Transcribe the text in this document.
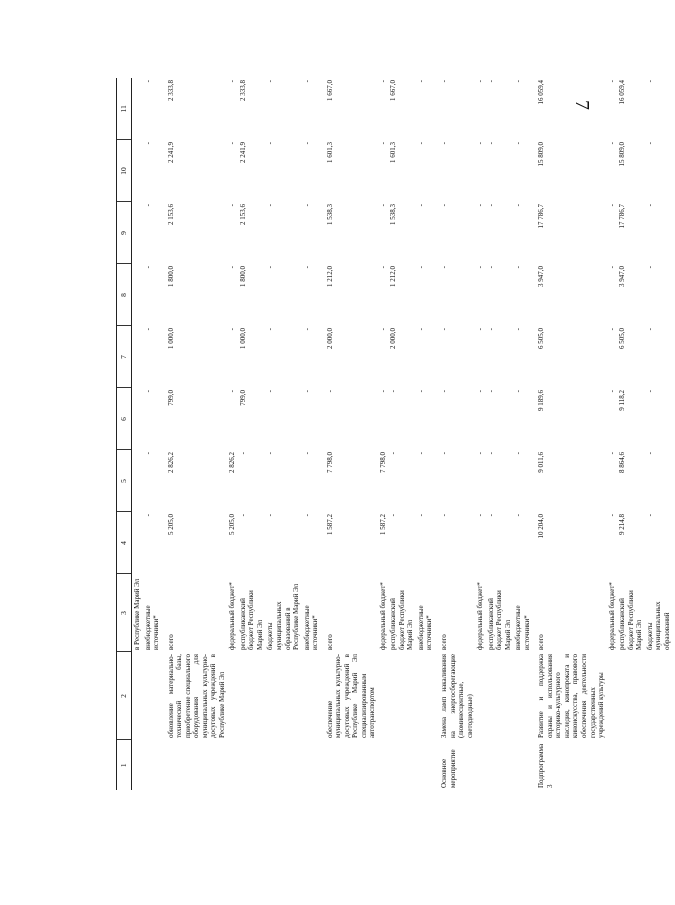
7
1	2	3	4	5	6	7	8	9	10	11
		в Республике Марий Эл								
		внебюджетные источники*	-	-	-	-	-	-	-	-
	обновление материально-технической базы, приобретение специального оборудования для муниципальных культурно-досуговых учреждений в Республике Марий Эл	всего	5 205,0	2 826,2	799,0	1 000,0	1 800,0	2 153,6	2 241,9	2 333,8
		федеральный бюджет*	5 205,0	2 826,2	-	-	-	-	-	-
		республиканский бюджет Республики Марий Эл	-	-	799,0	1 000,0	1 800,0	2 153,6	2 241,9	2 333,8
		бюджеты муниципальных образований в Республике Марий Эл	-	-	-	-	-	-	-	-
		внебюджетные источники*	-	-	-	-	-	-	-	-
	обеспечение муниципальных культурно-досуговых учреждений в Республике Марий Эл специализированным автотранспортом	всего	1 587,2	7 798,0	-	2 000,0	1 212,0	1 538,3	1 601,3	1 667,0
		федеральный бюджет*	1 587,2	7 798,0	-	-	-	-	-	-
		республиканский бюджет Республики Марий Эл	-	-	-	2 000,0	1 212,0	1 538,3	1 601,3	1 667,0
		внебюджетные источники*	-	-	-	-	-	-	-	-
Основное мероприятие	Замена ламп накаливания на энергосберегающие (люминесцентные, светодиодные)	всего	-	-	-	-	-	-	-	-
		федеральный бюджет*	-	-	-	-	-	-	-	-
		республиканский бюджет Республики Марий Эл	-	-	-	-	-	-	-	-
		внебюджетные источники*	-	-	-	-	-	-	-	-
Подпрограмма 3	Развитие и поддержка охраны и использования историко-культурного наследия, кинопроката и киноискусства, правового обеспечения деятельности государственных учреждений культуры	всего	10 204,0	9 011,6	9 189,6	6 505,0	3 947,0	17 786,7	15 809,0	16 059,4
		федеральный бюджет*	-	-	-	-	-	-	-	-
		республиканский бюджет Республики Марий Эл	9 214,8	8 864,6	9 118,2	6 505,0	3 947,0	17 786,7	15 809,0	16 059,4
		бюджеты муниципальных образований	-	-	-	-	-	-	-	-
